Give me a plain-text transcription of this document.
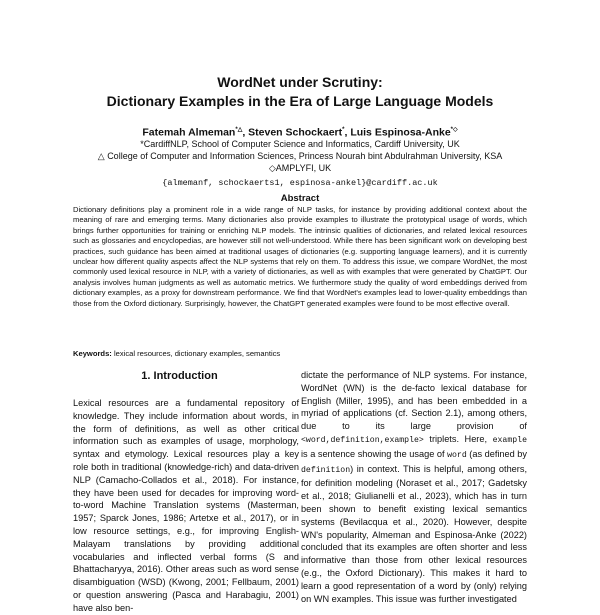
WordNet under Scrutiny:
Dictionary Examples in the Era of Large Language Models
Fatemah Almeman*△, Steven Schockaert*, Luis Espinosa-Anke*◇
*CardiffNLP, School of Computer Science and Informatics, Cardiff University, UK
△ College of Computer and Information Sciences, Princess Nourah bint Abdulrahman University, KSA
◇AMPLYFI, UK
{almemanf, schockaerts1, espinosa-ankel}@cardiff.ac.uk
Abstract
Dictionary definitions play a prominent role in a wide range of NLP tasks, for instance by providing additional context about the meaning of rare and emerging terms. Many dictionaries also provide examples to illustrate the prototypical usage of words, which brings further opportunities for training or enriching NLP models. The intrinsic qualities of dictionaries, and related lexical resources such as glossaries and encyclopedias, are however still not well-understood. While there has been significant work on developing best practices, such guidance has been aimed at traditional usages of dictionaries (e.g. supporting language learners), and it is currently unclear how different quality aspects affect the NLP systems that rely on them. To address this issue, we compare WordNet, the most commonly used lexical resource in NLP, with a variety of dictionaries, as well as with examples that were generated by ChatGPT. Our analysis involves human judgments as well as automatic metrics. We furthermore study the quality of word embeddings derived from dictionary examples, as a proxy for downstream performance. We find that WordNet's examples lead to lower-quality embeddings than those from the Oxford dictionary. Surprisingly, however, the ChatGPT generated examples were found to be most effective overall.
Keywords: lexical resources, dictionary examples, semantics
1. Introduction
Lexical resources are a fundamental repository of knowledge. They include information about words, in the form of definitions, as well as other critical information such as examples of usage, morphology, syntax and etymology. Lexical resources play a key role both in traditional (knowledge-rich) and data-driven NLP (Camacho-Collados et al., 2018). For instance, they have been used for decades for improving word-to-word Machine Translation systems (Masterman, 1957; Sparck Jones, 1986; Artetxe et al., 2017), or in low resource settings, e.g., for improving English-Malayam translations by providing additional vocabularies and inflected verbal forms (S and Bhattacharyya, 2016). Other areas such as word sense disambiguation (WSD) (Kwong, 2001; Fellbaum, 2001) or question answering (Pasca and Harabagiu, 2001) have also ben-
dictate the performance of NLP systems. For instance, WordNet (WN) is the de-facto lexical database for English (Miller, 1995), and has been embedded in a myriad of applications (cf. Section 2.1), among others, due to its large provision of <word,definition,example> triplets. Here, example is a sentence showing the usage of word (as defined by definition) in context. This is helpful, among others, for definition modeling (Noraset et al., 2017; Gadetsky et al., 2018; Giulianelli et al., 2023), which has in turn been shown to benefit existing lexical semantics systems (Bevilacqua et al., 2020). However, despite WN's popularity, Almeman and Espinosa-Anke (2022) concluded that its examples are often shorter and less informative than those from other lexical resources (e.g., the Oxford Dictionary). This makes it hard to learn a good representation of a word by (only) relying on WN examples. This issue was further investigated
